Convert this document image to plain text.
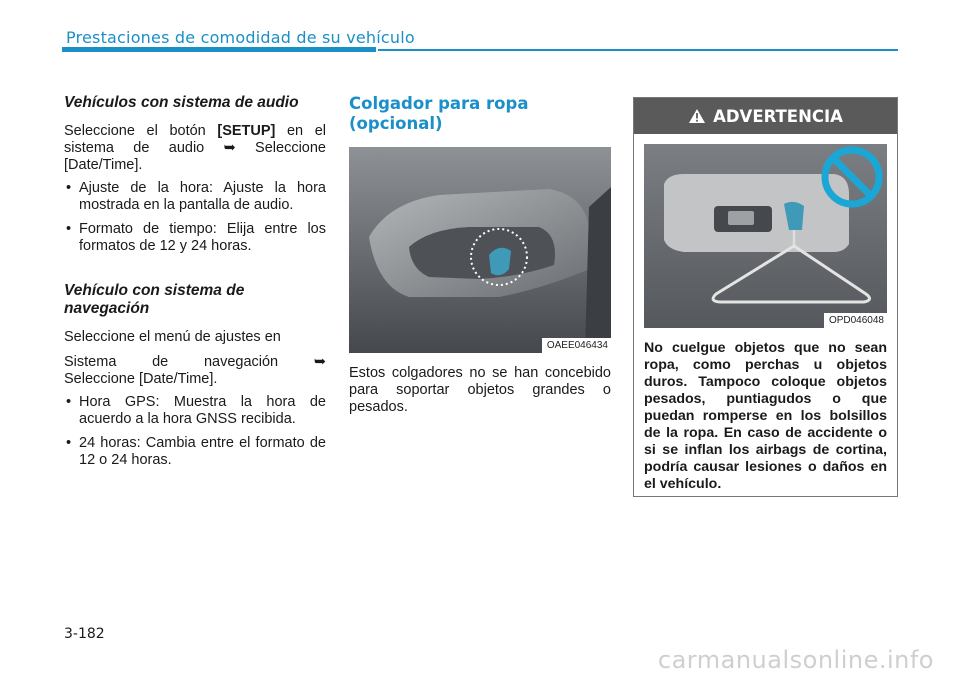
Prestaciones de comodidad de su vehículo
Vehículos con sistema de audio

Seleccione el botón [SETUP] en el sistema de audio ➥ Seleccione [Date/Time].

• Ajuste de la hora: Ajuste la hora mostrada en la pantalla de audio.
• Formato de tiempo: Elija entre los formatos de 12 y 24 horas.
Vehículo con sistema de navegación

Seleccione el menú de ajustes en

Sistema de navegación ➥

Seleccione [Date/Time].

• Hora GPS: Muestra la hora de acuerdo a la hora GNSS recibida.
• 24 horas: Cambia entre el formato de 12 o 24 horas.
Colgador para ropa (opcional)
OAEE046434

Estos colgadores no se han concebido para soportar objetos grandes o pesados.

ADVERTENCIA
OPD046048

No cuelgue objetos que no sean ropa, como perchas u objetos duros. Tampoco coloque objetos pesados, puntiagudos o que puedan romperse en los bolsillos de la ropa. En caso de accidente o si se inflan los airbags de cortina, podría causar lesiones o daños en el vehículo.

3-182
carmanualsonline.info
